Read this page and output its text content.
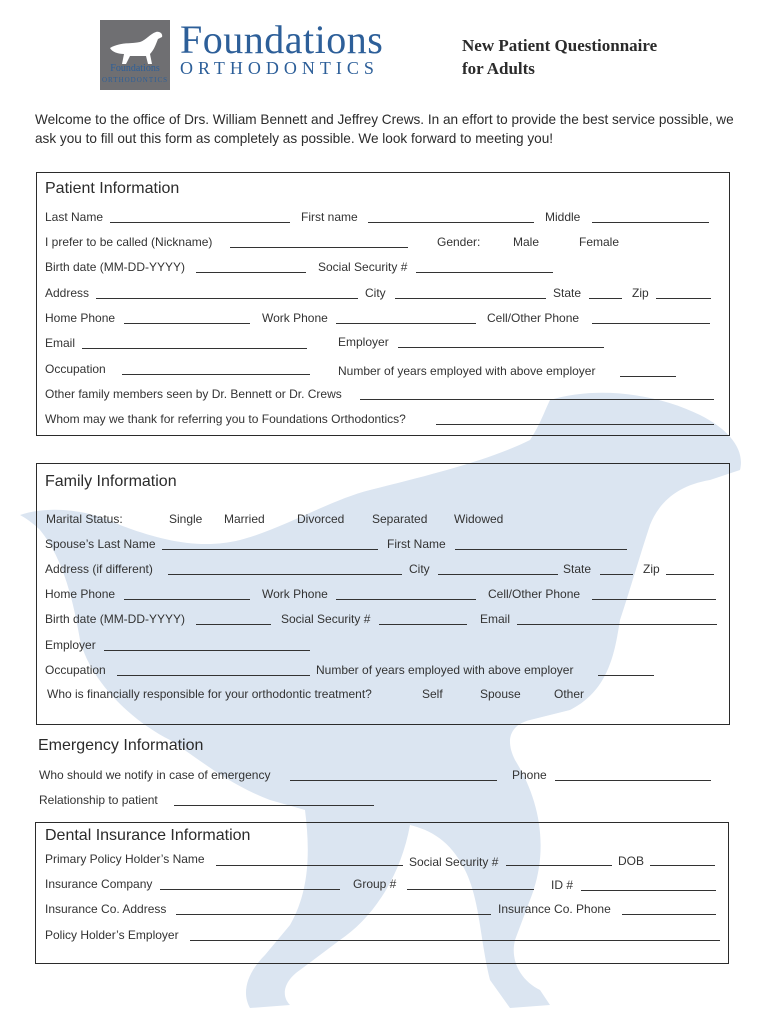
Foundations
ORTHODONTICS
Foundations
ORTHODONTICS
New Patient Questionnaire
for Adults
Welcome to the office of Drs. William Bennett and Jeffrey Crews. In an effort to provide the best service possible, we ask you to fill out this form as completely as possible. We look forward to meeting you!
Patient Information
Last Name	First name	Middle
I prefer to be called (Nickname)	Gender:	Male	Female
Birth date (MM-DD-YYYY)	Social Security #
Address	City	State	Zip
Home Phone	Work Phone	Cell/Other Phone
Email	Employer
Occupation	Number of years employed with above employer
Other family members seen by Dr. Bennett or Dr. Crews
Whom may we thank for referring you to Foundations Orthodontics?
Family Information
Marital Status:	Single Married	Divorced Separated Widowed
Spouse’s Last Name	First Name
Address (if different)	City	State	Zip
Home Phone	Work Phone	Cell/Other Phone
Birth date (MM-DD-YYYY)	Social Security #	Email
Employer
Occupation	Number of years employed with above employer
Who is financially responsible for your orthodontic treatment?	Self	Spouse	Other
Emergency Information
Who should we notify in case of emergency	Phone
Relationship to patient
Dental Insurance Information
Primary Policy Holder’s Name	Social Security #	DOB
Insurance Company	Group #	ID #
Insurance Co. Address	Insurance Co. Phone
Policy Holder’s Employer
